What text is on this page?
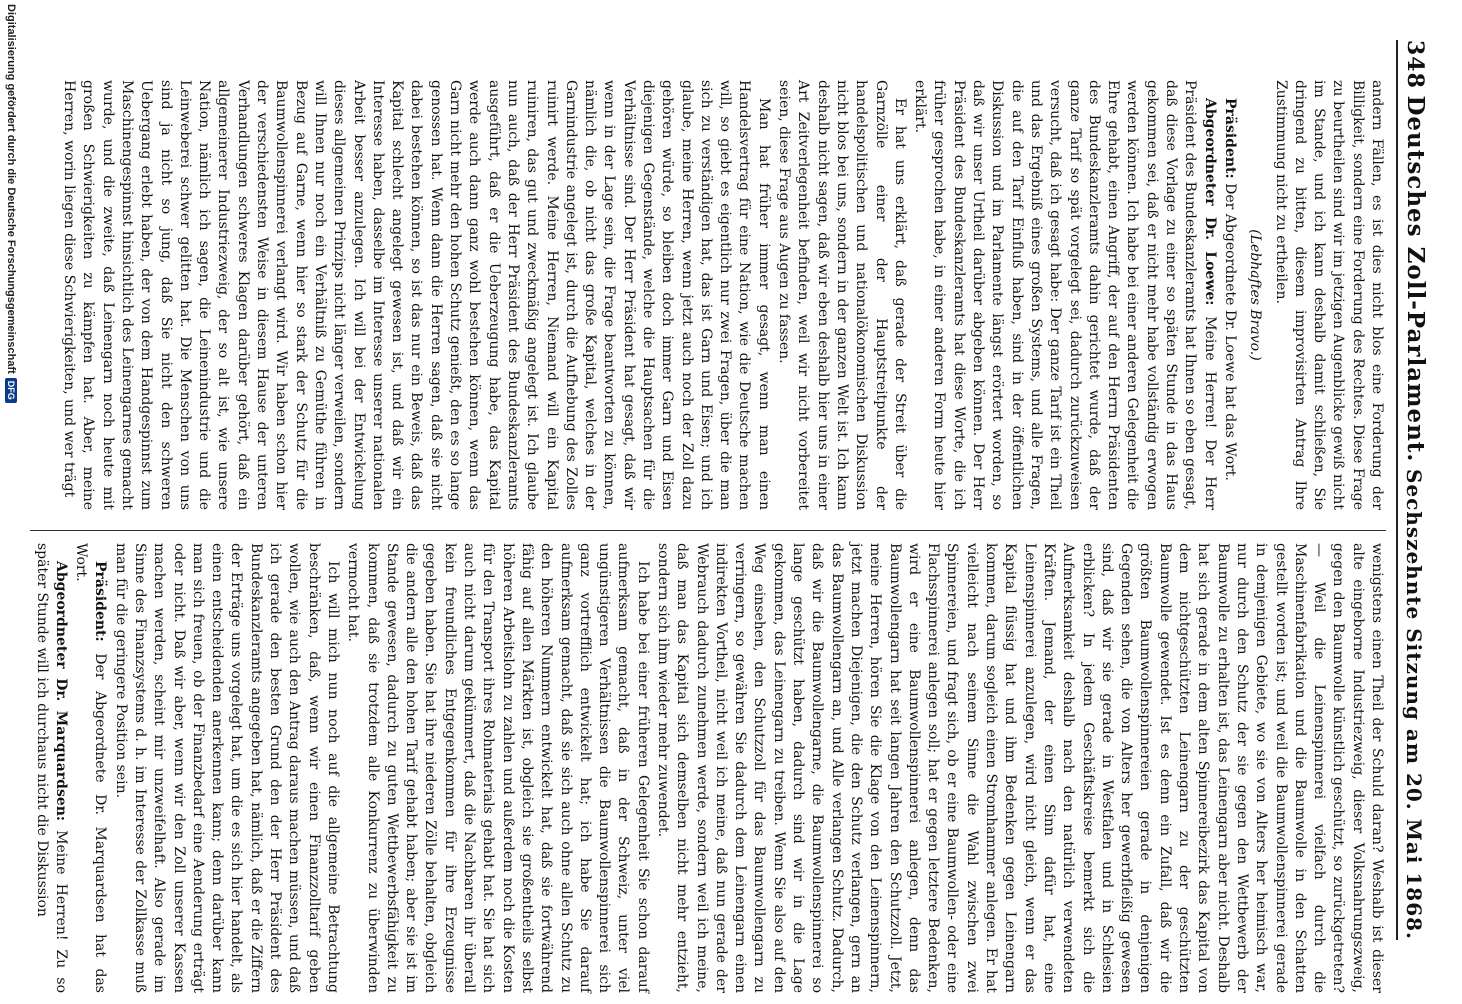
348
Deutsches Zoll-Parlament.
Sechszehnte Sitzung am 20. Mai 1868.

andern Fällen, es ist dies nicht blos eine Forderung der Billigkeit, sondern eine Forderung des Rechtes. Diese Frage zu beurtheilen sind wir im jetzigen Augenblicke gewiß nicht im Stande, und ich kann deshalb damit schließen, Sie dringend zu bitten, diesem improvisirten Antrag Ihre Zustimmung nicht zu ertheilen.

(Lebhaftes Bravo.)

Präsident: Der Abgeordnete Dr. Loewe hat das Wort.

Abgeordneter Dr. Loewe: Meine Herren! Der Herr Präsident des Bundeskanzleramts hat Ihnen so eben gesagt, daß diese Vorlage zu einer so späten Stunde in das Haus gekommen sei, daß er nicht mehr habe vollständig erwogen werden können. Ich habe bei einer anderen Gelegenheit die Ehre gehabt, einen Angriff, der auf den Herrn Präsidenten des Bundeskanzleramts dahin gerichtet wurde, daß der ganze Tarif so spät vorgelegt sei, dadurch zurückzuweisen versucht, daß ich gesagt habe: Der ganze Tarif ist ein Theil und das Ergebniß eines großen Systems, und alle Fragen, die auf den Tarif Einfluß haben, sind in der öffentlichen Diskussion und im Parlamente längst erörtert worden, so daß wir unser Urtheil darüber abgeben können. Der Herr Präsident des Bundeskanzleramts hat diese Worte, die ich früher gesprochen habe, in einer anderen Form heute hier erklärt.

Er hat uns erklärt, daß gerade der Streit über die Garnzölle einer der Hauptstreitpunkte der handelspolitischen und nationalökonomischen Diskussion nicht blos bei uns, sondern in der ganzen Welt ist. Ich kann deshalb nicht sagen, daß wir eben deshalb hier uns in einer Art Zeitverlegenheit befinden, weil wir nicht vorbereitet seien, diese Frage aus Augen zu fassen.

Man hat früher immer gesagt, wenn man einen Handelsvertrag für eine Nation, wie die Deutsche machen will, so giebt es eigentlich nur zwei Fragen, über die man sich zu verständigen hat, das ist Garn und Eisen; und ich glaube, meine Herren, wenn jetzt auch noch der Zoll dazu gehören würde, so bleiben doch immer Garn und Eisen diejenigen Gegenstände, welche die Hauptsachen für die Verhältnisse sind. Der Herr Präsident hat gesagt, daß wir wenn in der Lage sein, die Frage beantworten zu können, nämlich die, ob nicht das große Kapital, welches in der Garnindustrie angelegt ist, durch die Aufhebung des Zolles ruinirt werde. Meine Herren, Niemand will ein Kapital ruiniren, das gut und zweckmäßig angelegt ist. Ich glaube nun auch, daß der Herr Präsident des Bundeskanzleramts ausgeführt, daß er die Ueberzeugung habe, das Kapital werde auch dann ganz wohl bestehen können, wenn das Garn nicht mehr den hohen Schutz genießt, den es so lange genossen hat. Wenn dann die Herren sagen, daß sie nicht dabei bestehen können, so ist das nur ein Beweis, daß das Kapital schlecht angelegt gewesen ist, und daß wir ein Interesse haben, dasselbe im Interesse unserer nationalen Arbeit besser anzulegen. Ich will bei der Entwickelung dieses allgemeinen Prinzips nicht länger verweilen, sondern will Ihnen nur noch ein Verhältniß zu Gemüthe führen in Bezug auf Garne, wenn hier so stark der Schutz für die Baumwollenspinnerei verlangt wird. Wir haben schon hier der verschiedensten Weise in diesem Hause der unteren Verhandlungen schweres Klagen darüber gehört, daß ein allgemeinerer Industriezweig, der so alt ist, wie unsere Nation, nämlich ich sagen, die Leinenindustrie und die Leinweberei schwer gelitten hat. Die Menschen von uns sind ja nicht so jung, daß Sie nicht den schweren Uebergang erlebt haben, der von dem Handgespinnst zum Maschinengespinnst hinsichtlich des Leinengarnes gemacht wurde, und die zweite, daß Leinengarn noch heute mit großen Schwierigkeiten zu kämpfen hat. Aber, meine Herren, worin liegen diese Schwierigkeiten, und wer trägt

wenigstens einen Theil der Schuld daran? Weshalb ist dieser alte eingeborne Industriezweig, dieser Volksnahrungszweig, gegen den Baumwolle künstlich geschützt, so zurückgetreten? — Weil die Leinenspinnerei vielfach durch die Maschinenfabrikation und die Baumwolle in den Schatten gestellt worden ist; und weil die Baumwollenspinnerei gerade in demjenigen Gebiete, wo sie von Alters her heimisch war, nur durch den Schutz der sie gegen den Wettbewerb der Baumwolle zu erhalten ist, das Leinengarn aber nicht. Deshalb hat sich gerade in dem alten Spinnereibezirk das Kapital von dem nichtgeschützten Leinengarn zu der geschützten Baumwolle gewendet. Ist es denn ein Zufall, daß wir die größten Baumwollenspinnereien gerade in denjenigen Gegenden sehen, die von Alters her gewerbfleißig gewesen sind, daß wir sie gerade in Westfalen und in Schlesien erblicken? In jedem Geschäftskreise bemerkt sich die Aufmerksamkeit deshalb nach den natürlich verwendeten Kräften. Jemand, der einen Sinn dafür hat, eine Leinenspinnerei anzulegen, wird nicht gleich, wenn er das Kapital flüssig hat und ihm Bedenken gegen Leinengarn kommen, darum sogleich einen Stromhammer anlegen. Er hat vielleicht nach seinem Sinne die Wahl zwischen zwei Spinnereien, und fragt sich, ob er eine Baumwollen- oder eine Flachsspinnerei anlegen soll; hat er gegen letztere Bedenken, wird er eine Baumwollenspinnerei anlegen, denn das Baumwollengarn hat seit langen Jahren den Schutzzoll. Jetzt, meine Herren, hören Sie die Klage von den Leinenspinnern, jetzt machen Diejenigen, die den Schutz verlangen, gern an das Baumwollengarn an, und Alle verlangen Schutz. Dadurch, daß wir die Baumwollengarne, die Baumwollenspinnerei so lange geschützt haben, dadurch sind wir in die Lage gekommen, das Leinengarn zu treiben. Wenn Sie also auf den Weg einsehen, den Schutzzoll für das Baumwollengarn zu verringern, so gewähren Sie dadurch dem Leinengarn einen indirekten Vortheil, nicht weil ich meine, daß nun gerade der Webrauch dadurch zunehmen werde, sondern weil ich meine, daß man das Kapital sich demselben nicht mehr entzieht, sondern sich ihm wieder mehr zuwendet.

Ich habe bei einer früheren Gelegenheit Sie schon darauf aufmerksam gemacht, daß in der Schweiz, unter viel ungünstigeren Verhältnissen die Baumwollenspinnerei sich ganz vortrefflich entwickelt hat; ich habe Sie darauf aufmerksam gemacht, daß sie sich auch ohne allen Schutz zu den höheren Nummern entwickelt hat, daß sie fortwährend fähig auf allen Märkten ist, obgleich sie großentheils selbst höheren Arbeitslohn zu zahlen und außerdem noch die Kosten für den Transport ihres Rohmaterials gehabt hat. Sie hat sich auch nicht darum gekümmert, daß die Nachbaren ihr überall kein freundliches Entgegenkommen für ihre Erzeugnisse gegeben haben. Sie hat ihre niederen Zölle behalten, obgleich die andern alle den hohen Tarif gehabt haben; aber sie ist im Stande gewesen, dadurch zu guten Wettbewerbsfähigkeit zu kommen, daß sie trotzdem alle Konkurrenz zu überwinden vermocht hat.

Ich will mich nun noch auf die allgemeine Betrachtung beschränken, daß, wenn wir einen Finanzzolltarif geben wollen, wie auch den Antrag daraus machen müssen, und daß ich gerade den besten Grund den der Herr Präsident des Bundeskanzleramts angegeben hat, nämlich, daß er die Ziffern der Erträge uns vorgelegt hat, um die es sich hier handelt, als einen entscheidenden anerkennen kann; denn darüber kann man sich freuen, ob der Finanzbedarf eine Aenderung erträgt oder nicht. Daß wir aber, wenn wir den Zoll unserer Kassen machen werden, scheint mir unzweifelhaft. Also gerade im Sinne des Finanzsystems d. h. im Interesse der Zollkasse muß man für die geringere Position sein.

Präsident: Der Abgeordnete Dr. Marquardsen hat das Wort.

Abgeordneter Dr. Marquardsen: Meine Herren! Zu so später Stunde will ich durchaus nicht die Diskussion

Digitalisierung gefördert durch die Deutsche Forschungsgemeinschaft
DFG
